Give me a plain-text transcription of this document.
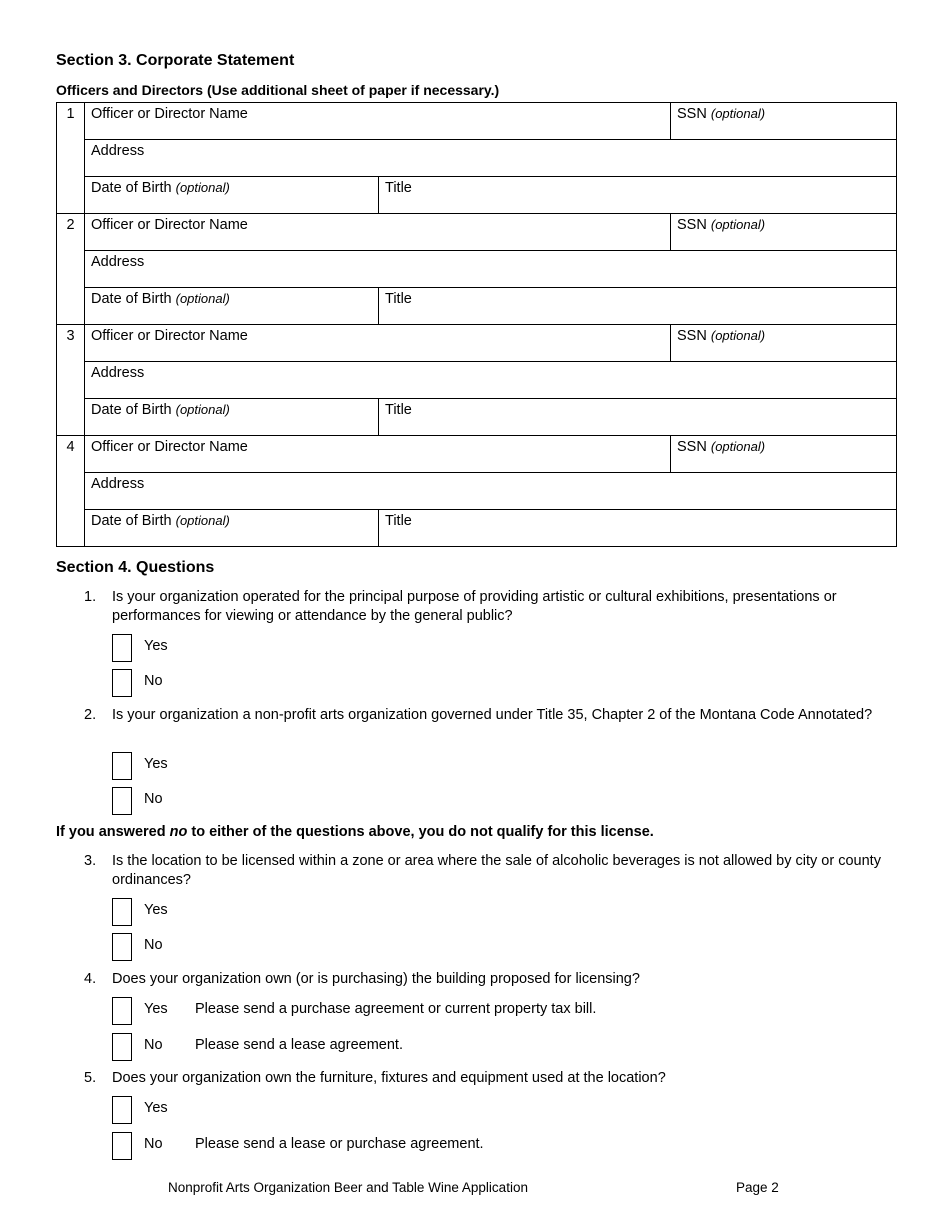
Section 3. Corporate Statement
Officers and Directors (Use additional sheet of paper if necessary.)
1	Officer or Director Name		SSN (optional)
	Address		
	Date of Birth (optional)	Title	
2	Officer or Director Name		SSN (optional)
	Address		
	Date of Birth (optional)	Title	
3	Officer or Director Name		SSN (optional)
	Address		
	Date of Birth (optional)	Title	
4	Officer or Director Name		SSN (optional)
	Address		
	Date of Birth (optional)	Title	
Section 4. Questions
1.	Is your organization operated for the principal purpose of providing artistic or cultural exhibitions, presentations or performances for viewing or attendance by the general public?
Yes
No
2.	Is your organization a non-profit arts organization governed under Title 35, Chapter 2 of the Montana Code Annotated?
Yes
No
If you answered no to either of the questions above, you do not qualify for this license.
3.	Is the location to be licensed within a zone or area where the sale of alcoholic beverages is not allowed by city or county ordinances?
Yes
No
4.	Does your organization own (or is purchasing) the building proposed for licensing?
Yes Please send a purchase agreement or current property tax bill.
No Please send a lease agreement.
5.	Does your organization own the furniture, fixtures and equipment used at the location?
Yes
No Please send a lease or purchase agreement.
Nonprofit Arts Organization Beer and Table Wine Application	Page 2
